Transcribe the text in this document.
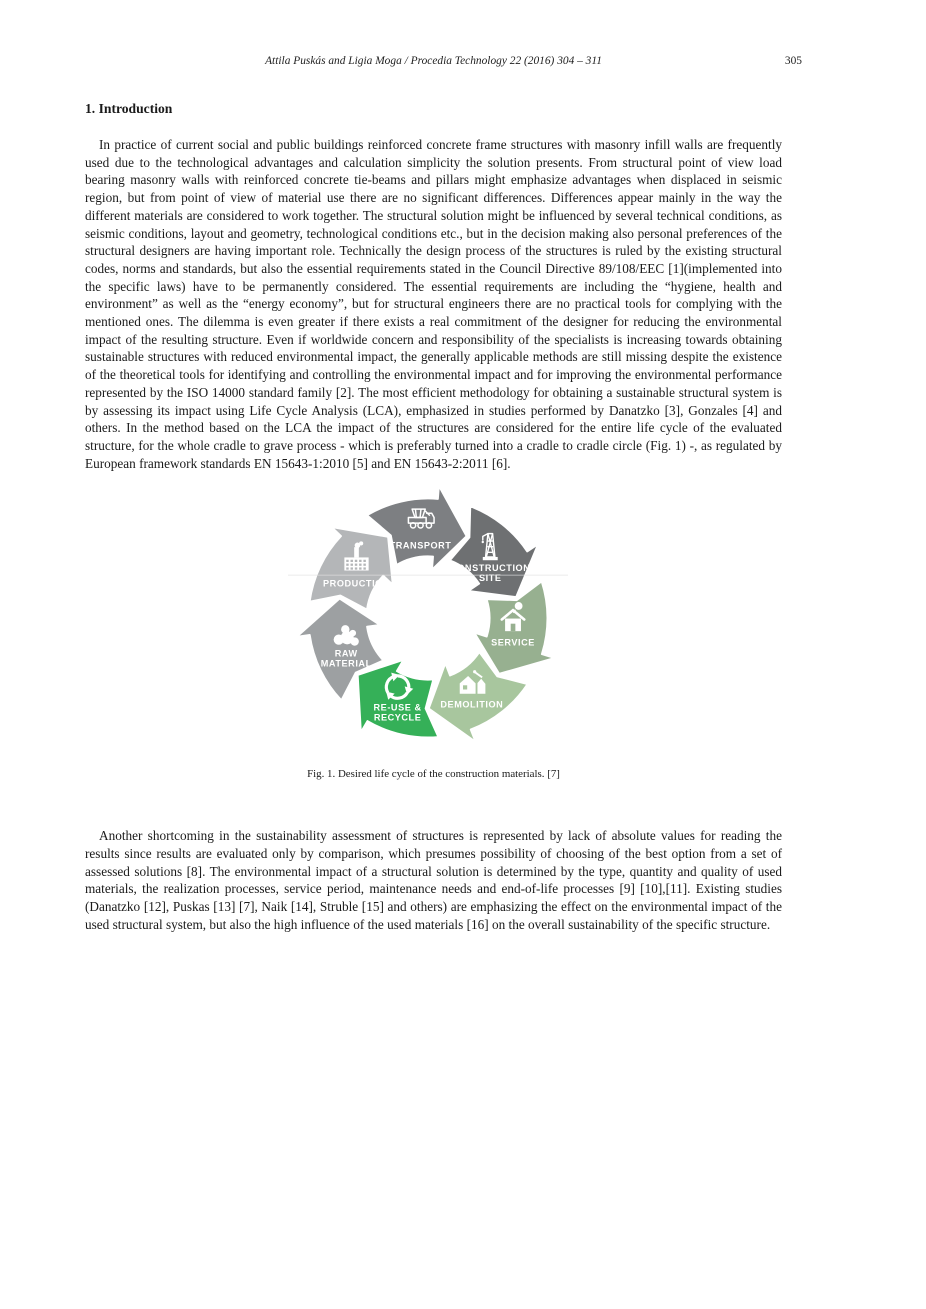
Attila Puskás and Ligia Moga / Procedia Technology 22 (2016) 304 – 311	305
1. Introduction

In practice of current social and public buildings reinforced concrete frame structures with masonry infill walls are frequently used due to the technological advantages and calculation simplicity the solution presents. From structural point of view load bearing masonry walls with reinforced concrete tie-beams and pillars might emphasize advantages when displaced in seismic region, but from point of view of material use there are no significant differences. Differences appear mainly in the way the different materials are considered to work together. The structural solution might be influenced by several technical conditions, as seismic conditions, layout and geometry, technological conditions etc., but in the decision making also personal preferences of the structural designers are having important role. Technically the design process of the structures is ruled by the existing structural codes, norms and standards, but also the essential requirements stated in the Council Directive 89/108/EEC [1](implemented into the specific laws) have to be permanently considered. The essential requirements are including the “hygiene, health and environment” as well as the “energy economy”, but for structural engineers there are no practical tools for complying with the mentioned ones. The dilemma is even greater if there exists a real commitment of the designer for reducing the environmental impact of the resulting structure. Even if worldwide concern and responsibility of the specialists is increasing towards obtaining sustainable structures with reduced environmental impact, the generally applicable methods are still missing despite the existence of the theoretical tools for identifying and controlling the environmental impact and for improving the environmental performance represented by the ISO 14000 standard family [2]. The most efficient methodology for obtaining a sustainable structural system is by assessing its impact using Life Cycle Analysis (LCA), emphasized in studies performed by Danatzko [3], Gonzales [4] and others. In the method based on the LCA the impact of the structures are considered for the entire life cycle of the evaluated structure, for the whole cradle to grave process - which is preferably turned into a cradle to cradle circle (Fig. 1) -, as regulated by European framework standards EN 15643-1:2010 [5] and EN 15643-2:2011 [6].

TRANSPORT
CONSTRUCTION SITE
SERVICE
DEMOLITION
RE-USE & RECYCLE
RAW MATERIAL
PRODUCTION
Fig. 1. Desired life cycle of the construction materials. [7]

Another shortcoming in the sustainability assessment of structures is represented by lack of absolute values for reading the results since results are evaluated only by comparison, which presumes possibility of choosing of the best option from a set of assessed solutions [8]. The environmental impact of a structural solution is determined by the type, quantity and quality of used materials, the realization processes, service period, maintenance needs and end-of-life processes [9] [10],[11]. Existing studies (Danatzko [12], Puskas [13] [7], Naik [14], Struble [15] and others) are emphasizing the effect on the environmental impact of the used structural system, but also the high influence of the used materials [16] on the overall sustainability of the specific structure.
